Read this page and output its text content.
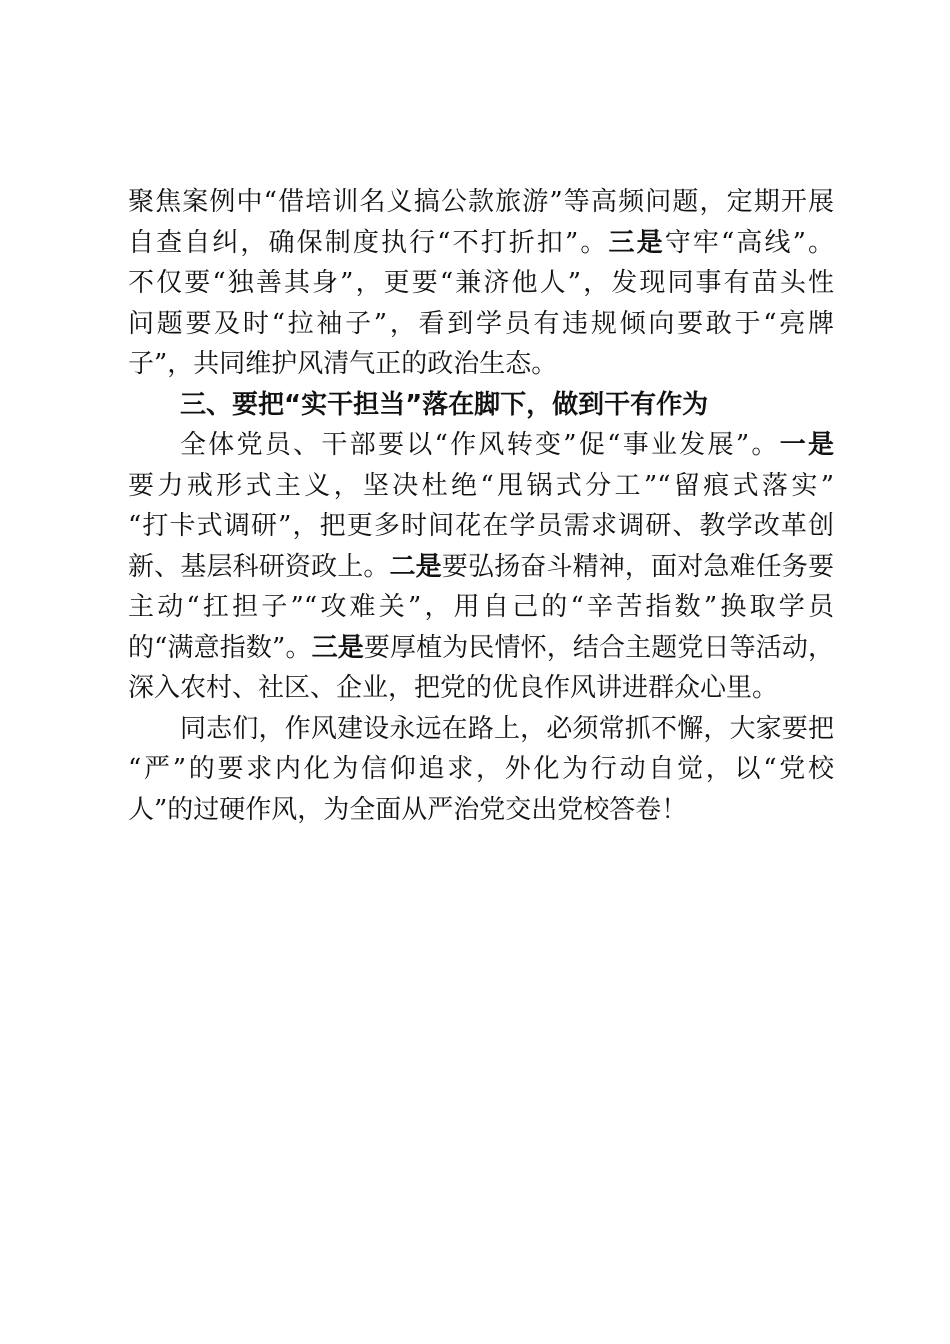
聚焦案例中“借培训名义搞公款旅游”等高频问题，定期开展
自查自纠，确保制度执行“不打折扣”。三是守牢“高线”。
不仅要“独善其身”，更要“兼济他人”，发现同事有苗头性
问题要及时“拉袖子”，看到学员有违规倾向要敢于“亮牌
子”，共同维护风清气正的政治生态。
三、要把“实干担当”落在脚下，做到干有作为
全体党员、干部要以“作风转变”促“事业发展”。一是
要力戒形式主义，坚决杜绝“甩锅式分工”“留痕式落实”
“打卡式调研”，把更多时间花在学员需求调研、教学改革创
新、基层科研资政上。二是要弘扬奋斗精神，面对急难任务要
主动“扛担子”“攻难关”，用自己的“辛苦指数”换取学员
的“满意指数”。三是要厚植为民情怀，结合主题党日等活动，
深入农村、社区、企业，把党的优良作风讲进群众心里。
同志们，作风建设永远在路上，必须常抓不懈，大家要把
“严”的要求内化为信仰追求，外化为行动自觉，以“党校
人”的过硬作风，为全面从严治党交出党校答卷！
